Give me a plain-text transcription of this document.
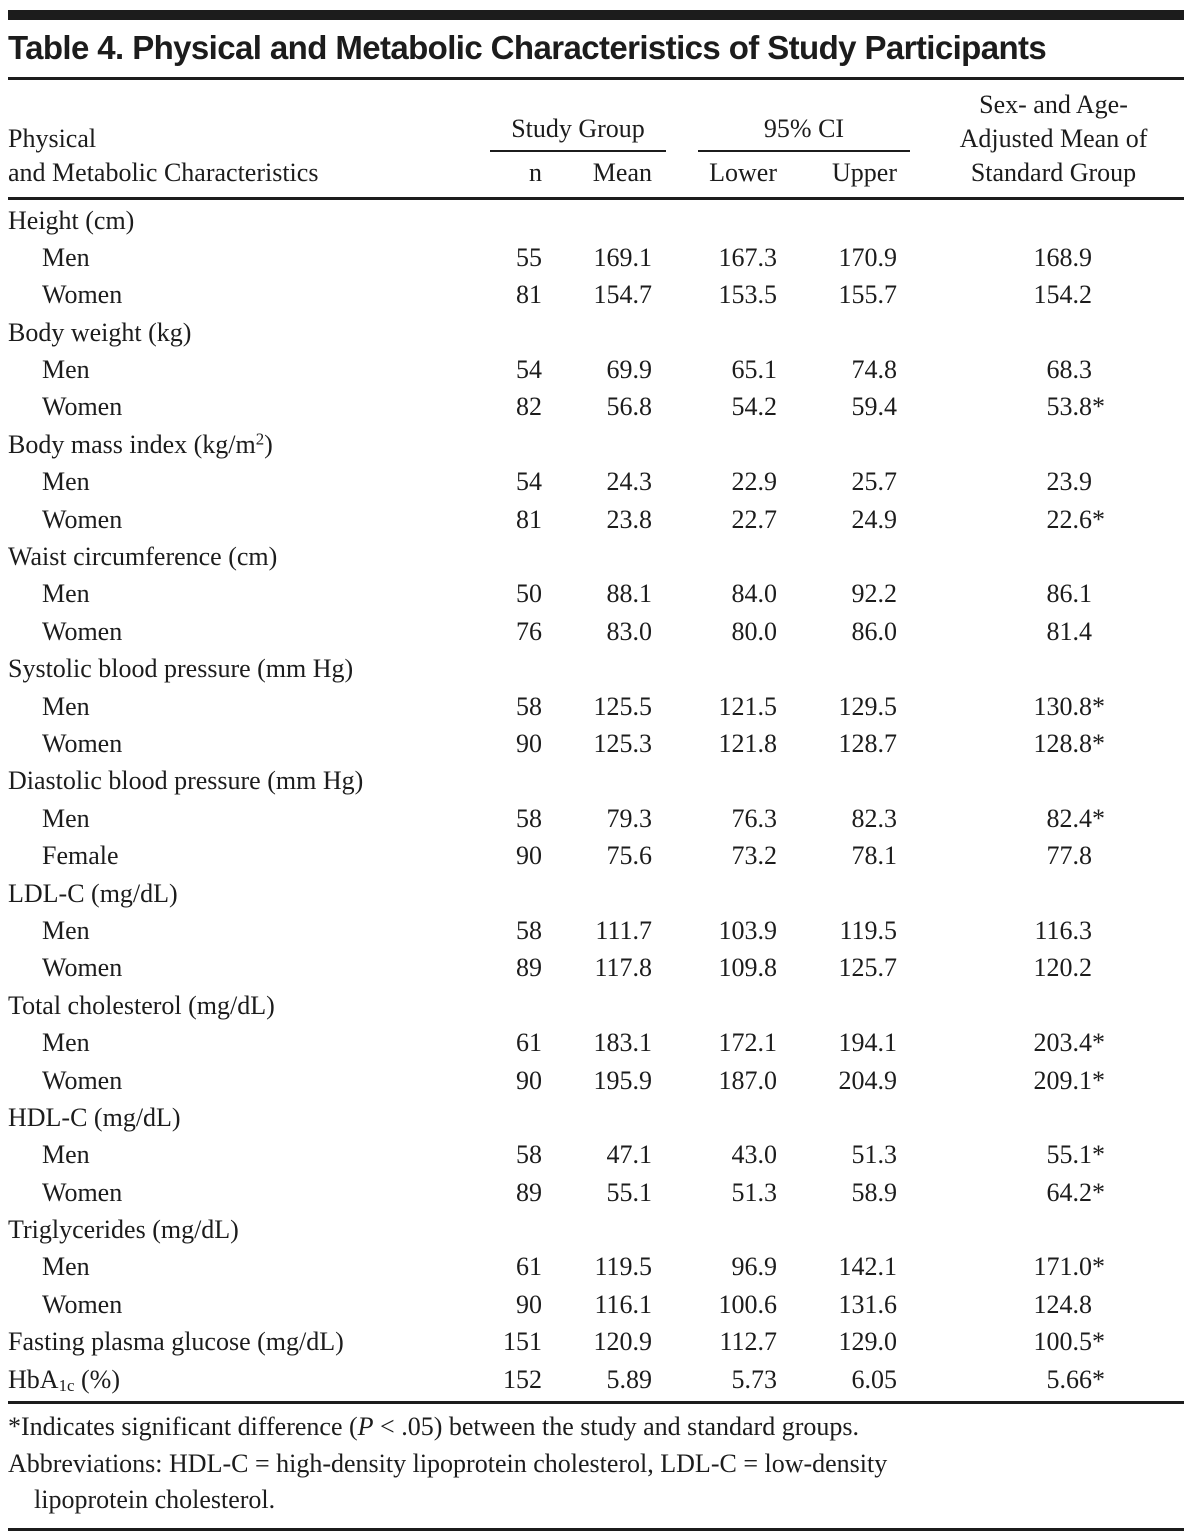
Table 4. Physical and Metabolic Characteristics of Study Participants
Physical
and Metabolic Characteristics
Study Group
n	Mean
95% CI
Lower	Upper
Sex- and Age-
Adjusted Mean of
Standard Group
Height (cm)
Men	55	169.1	167.3	170.9	168.9
Women	81	154.7	153.5	155.7	154.2
Body weight (kg)
Men	54	69.9	65.1	74.8	68.3
Women	82	56.8	54.2	59.4	53.8*
Body mass index $(kg/m^2)$
Men	54	24.3	22.9	25.7	23.9
Women	81	23.8	22.7	24.9	22.6*
Waist circumference (cm)
Men	50	88.1	84.0	92.2	86.1
Women	76	83.0	80.0	86.0	81.4
Systolic blood pressure (mm Hg)
Men	58	125.5	121.5	129.5	130.8*
Women	90	125.3	121.8	128.7	128.8*
Diastolic blood pressure (mm Hg)
Men	58	79.3	76.3	82.3	82.4*
Female	90	75.6	73.2	78.1	77.8
LDL-C (mg/dL)
Men	58	111.7	103.9	119.5	116.3
Women	89	117.8	109.8	125.7	120.2
Total cholesterol (mg/dL)
Men	61	183.1	172.1	194.1	203.4*
Women	90	195.9	187.0	204.9	209.1*
HDL-C (mg/dL)
Men	58	47.1	43.0	51.3	55.1*
Women	89	55.1	51.3	58.9	64.2*
Triglycerides (mg/dL)
Men	61	119.5	96.9	142.1	171.0*
Women	90	116.1	100.6	131.6	124.8
Fasting plasma glucose (mg/dL)	151	120.9	112.7	129.0	100.5*
HbA$_{1c}$ (%)	152	5.89	5.73	6.05	5.66*
*Indicates significant difference (P < .05) between the study and standard groups.
Abbreviations: HDL-C = high-density lipoprotein cholesterol, LDL-C = low-density
lipoprotein cholesterol.
